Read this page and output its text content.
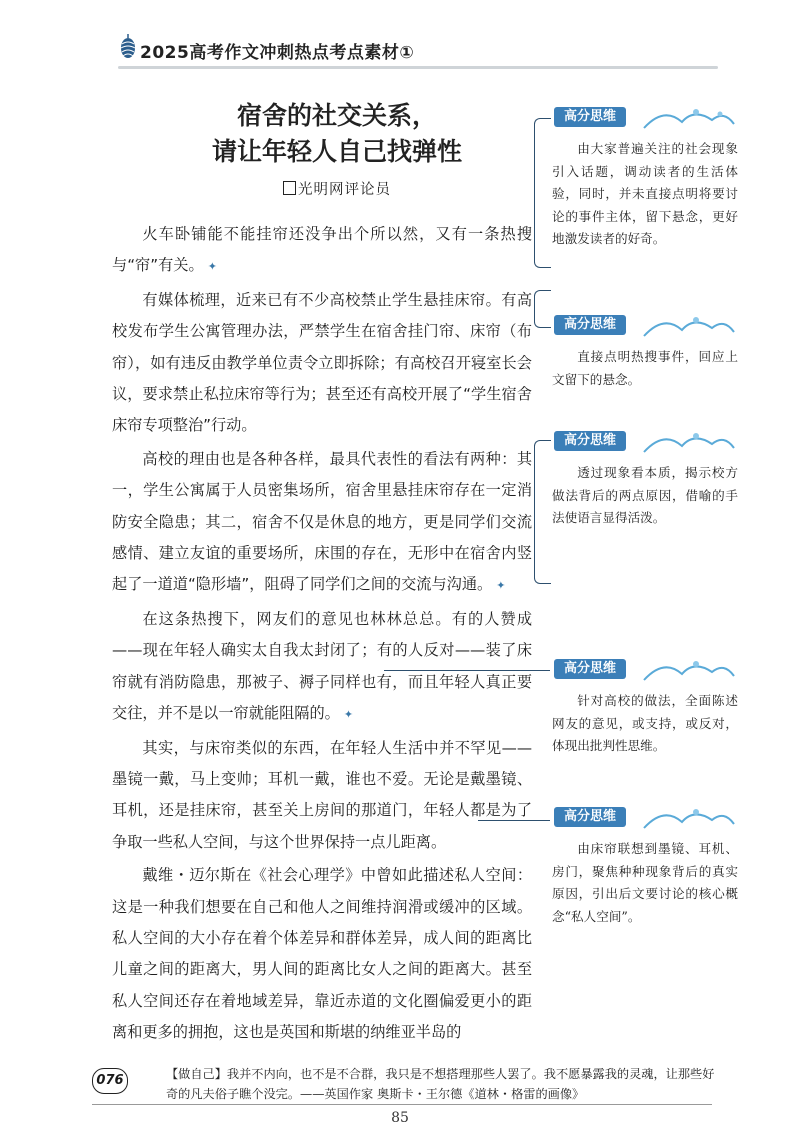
2025高考作文冲刺热点考点素材①
宿舍的社交关系，
请让年轻人自己找弹性
光明网评论员

火车卧铺能不能挂帘还没争出个所以然，又有一条热搜与“帘”有关。 ✦

有媒体梳理，近来已有不少高校禁止学生悬挂床帘。有高校发布学生公寓管理办法，严禁学生在宿舍挂门帘、床帘（布帘），如有违反由教学单位责令立即拆除；有高校召开寝室长会议，要求禁止私拉床帘等行为；甚至还有高校开展了“学生宿舍床帘专项整治”行动。

高校的理由也是各种各样，最具代表性的看法有两种：其一，学生公寓属于人员密集场所，宿舍里悬挂床帘存在一定消防安全隐患；其二，宿舍不仅是休息的地方，更是同学们交流感情、建立友谊的重要场所，床围的存在，无形中在宿舍内竖起了一道道“隐形墙”，阻碍了同学们之间的交流与沟通。 ✦

在这条热搜下，网友们的意见也林林总总。有的人赞成——现在年轻人确实太自我太封闭了；有的人反对——装了床帘就有消防隐患，那被子、褥子同样也有，而且年轻人真正要交往，并不是以一帘就能阻隔的。 ✦

其实，与床帘类似的东西，在年轻人生活中并不罕见——墨镜一戴，马上变帅；耳机一戴，谁也不爱。无论是戴墨镜、耳机，还是挂床帘，甚至关上房间的那道门，年轻人都是为了争取一些私人空间，与这个世界保持一点儿距离。

戴维・迈尔斯在《社会心理学》中曾如此描述私人空间：这是一种我们想要在自己和他人之间维持润滑或缓冲的区域。私人空间的大小存在着个体差异和群体差异，成人间的距离比儿童之间的距离大，男人间的距离比女人之间的距离大。甚至私人空间还存在着地域差异，靠近赤道的文化圈偏爱更小的距离和更多的拥抱，这也是英国和斯堪的纳维亚半岛的

高分思维
由大家普遍关注的社会现象引入话题，调动读者的生活体验，同时，并未直接点明将要讨论的事件主体，留下悬念，更好地激发读者的好奇。
高分思维
直接点明热搜事件，回应上文留下的悬念。
高分思维
透过现象看本质，揭示校方做法背后的两点原因，借喻的手法使语言显得活泼。
高分思维
针对高校的做法，全面陈述网友的意见，或支持，或反对，体现出批判性思维。
高分思维
由床帘联想到墨镜、耳机、房门，聚焦种种现象背后的真实原因，引出后文要讨论的核心概念“私人空间”。
076	【做自己】我并不内向，也不是不合群，我只是不想搭理那些人罢了。我不愿暴露我的灵魂，让那些好奇的凡夫俗子瞧个没完。——英国作家 奥斯卡・王尔德《道林・格雷的画像》
85
